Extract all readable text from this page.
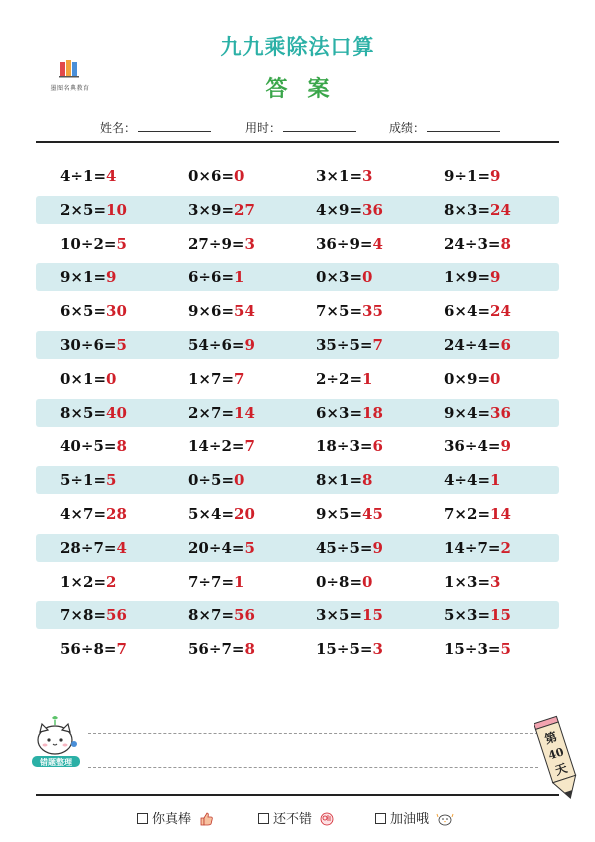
墨图名典教育
九九乘除法口算
答案
姓名：	用时：	成绩：
4÷1=4	0×6=0	3×1=3	9÷1=9
2×5=10	3×9=27	4×9=36	8×3=24
10÷2=5	27÷9=3	36÷9=4	24÷3=8
9×1=9	6÷6=1	0×3=0	1×9=9
6×5=30	9×6=54	7×5=35	6×4=24
30÷6=5	54÷6=9	35÷5=7	24÷4=6
0×1=0	1×7=7	2÷2=1	0×9=0
8×5=40	2×7=14	6×3=18	9×4=36
40÷5=8	14÷2=7	18÷3=6	36÷4=9
5÷1=5	0÷5=0	8×1=8	4÷4=1
4×7=28	5×4=20	9×5=45	7×2=14
28÷7=4	20÷4=5	45÷5=9	14÷7=2
1×2=2	7÷7=1	0÷8=0	1×3=3
7×8=56	8×7=56	3×5=15	5×3=15
56÷8=7	56÷7=8	15÷5=3	15÷3=5
错题整理
第
40
天
你真棒	还不错	加油哦
